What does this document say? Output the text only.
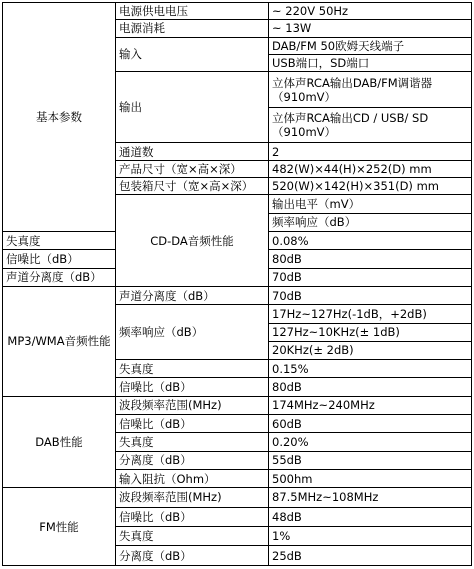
基本参数	电源供电电压	~ 220V 50Hz	
	电源消耗	~ 13W	
	输入	DAB/FM 50欧姆天线端子	
		USB端口，SD端口	
	输出	立体声RCA输出DAB/FM调谐器（910mV）	
		立体声RCA输出CD / USB/ SD（910mV）	
	通道数	2	
	产品尺寸（宽×高×深）	482(W)×44(H)×252(D) mm	
	包装箱尺寸（宽×高×深）	520(W)×142(H)×351(D) mm	
	CD-DA音频性能	输出电平（mV）	
		频率响应（dB）	
失真度		0.08%	
信噪比（dB）		80dB	
声道分离度（dB）		70dB	
MP3/WMA音频性能	声道分离度（dB）	70dB	
	频率响应（dB）	17Hz~127Hz(-1dB，+2dB)	
		127Hz~10KHz(± 1dB)	
		20KHz(± 2dB)	
	失真度	0.15%	
	信噪比（dB）	80dB	
DAB性能	波段频率范围(MHz)	174MHz~240MHz	
	信噪比（dB）	60dB	
	失真度	0.20%	
	分离度（dB）	55dB	
	输入阻抗（Ohm）	500hm	
FM性能	波段频率范围(MHz)	87.5MHz~108MHz	
	信噪比（dB）	48dB	
	失真度	1%	
	分离度（dB）	25dB	
